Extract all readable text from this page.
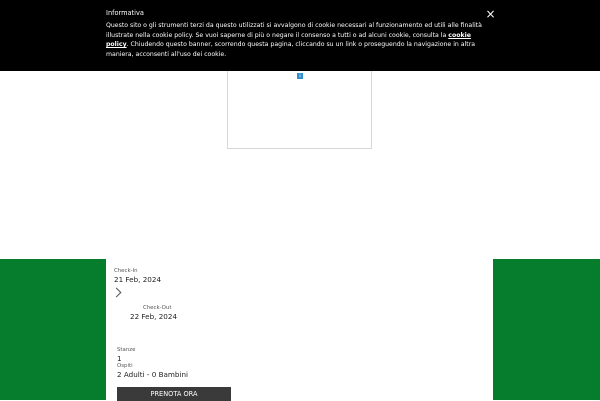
Informativa
Questo sito o gli strumenti terzi da questo utilizzati si avvalgono di cookie necessari al funzionamento ed utili alle finalità illustrate nella cookie policy. Se vuoi saperne di più o negare il consenso a tutti o ad alcuni cookie, consulta la cookie policy. Chiudendo questo banner, scorrendo questa pagina, cliccando su un link o proseguendo la navigazione in altra maniera, acconsenti all'uso dei cookie.
×
i
Check-In
21 Feb, 2024
Check-Out
22 Feb, 2024
Stanze
1
Ospiti
2 Adulti - 0 Bambini
PRENOTA ORA
